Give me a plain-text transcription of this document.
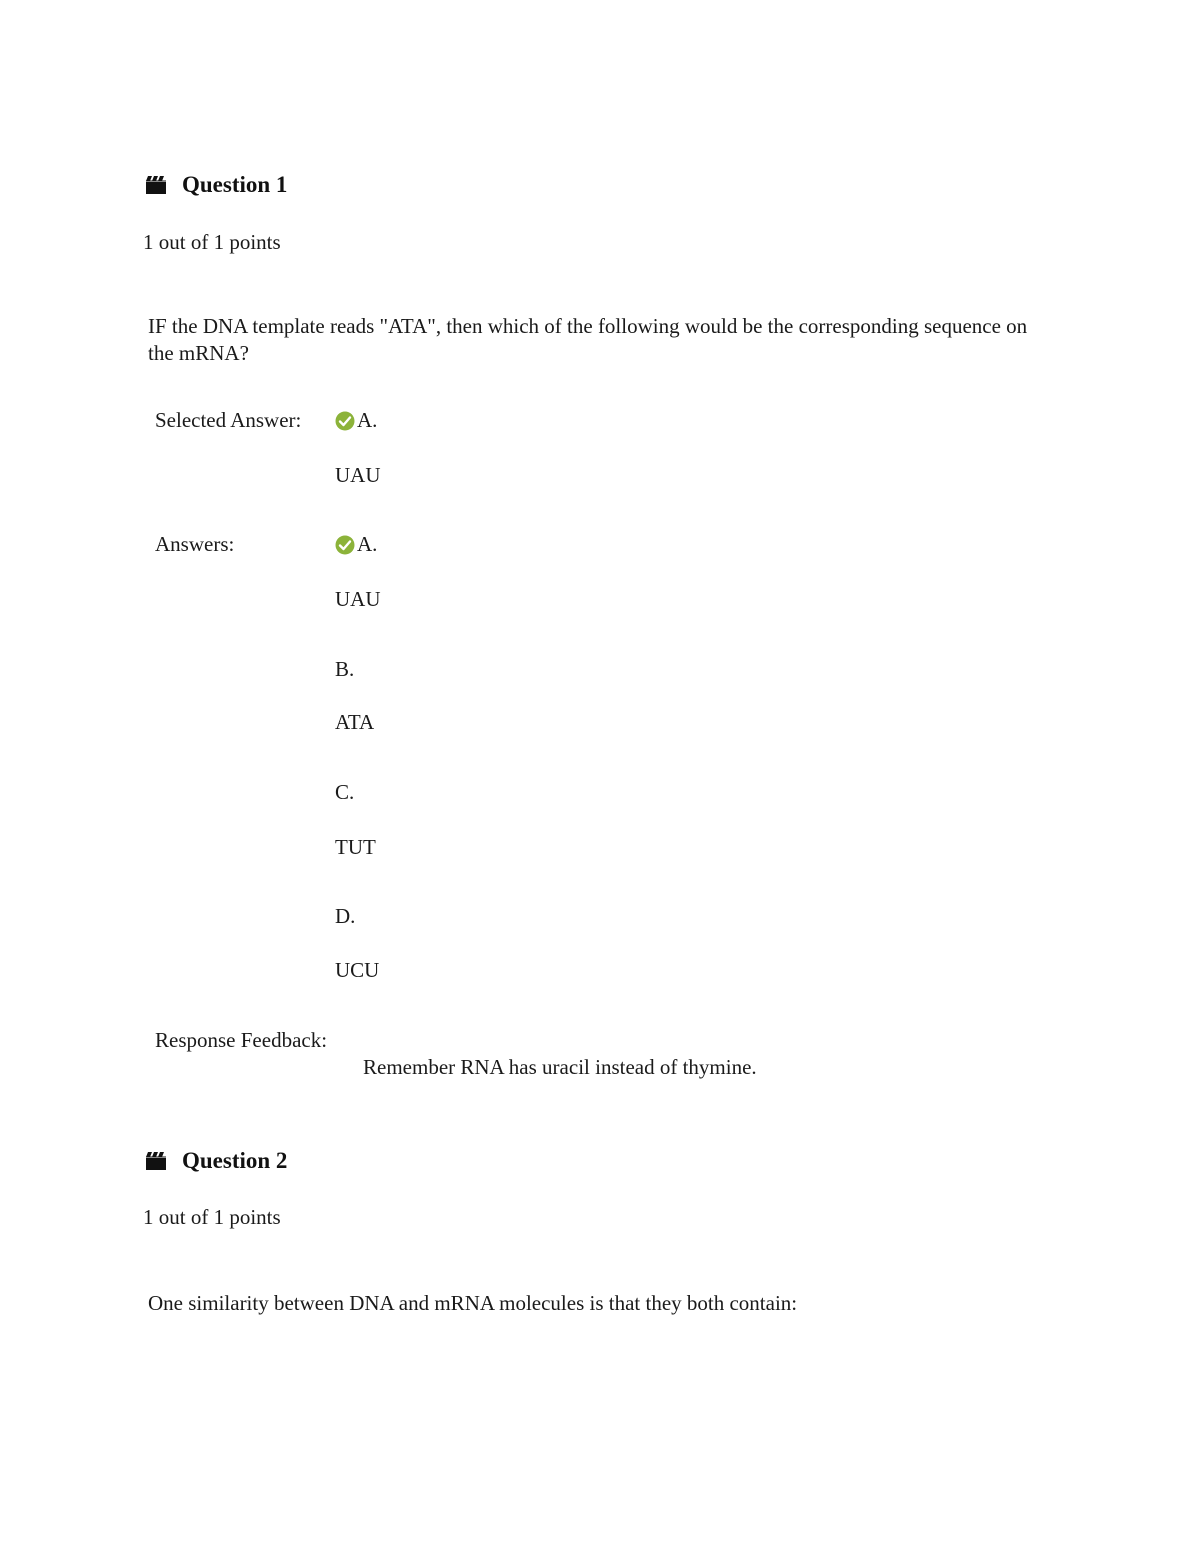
Question 1
1 out of 1 points
IF the DNA template reads "ATA", then which of the following would be the corresponding sequence on the mRNA?
Selected Answer:	A.
UAU
Answers:	A.
UAU
B.
ATA
C.
TUT
D.
UCU
Response Feedback:
Remember RNA has uracil instead of thymine.
Question 2
1 out of 1 points
One similarity between DNA and mRNA molecules is that they both contain:
